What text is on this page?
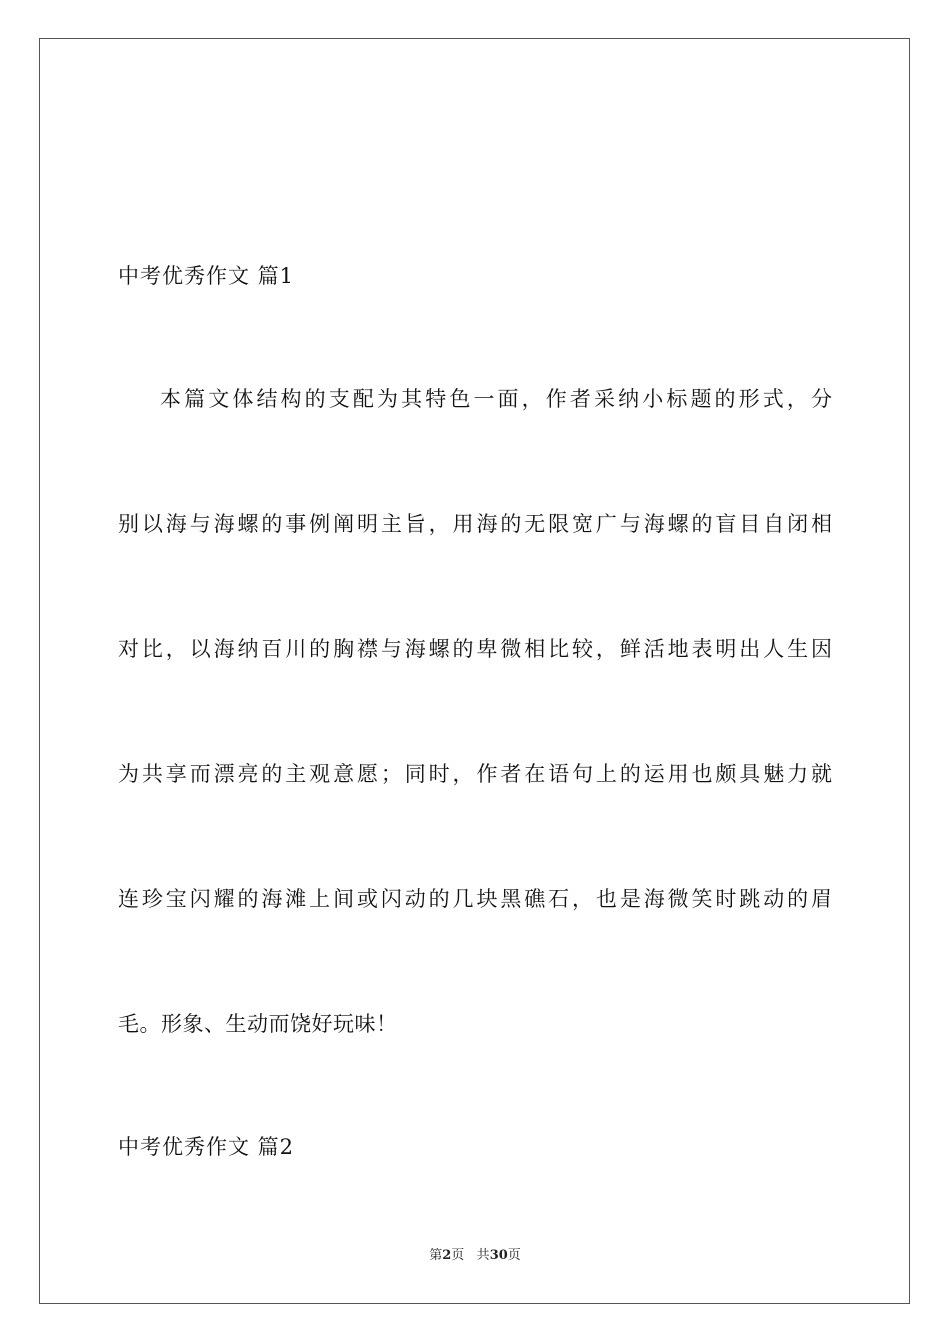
中考优秀作文 篇1
本篇文体结构的支配为其特色一面，作者采纳小标题的形式，分
别以海与海螺的事例阐明主旨，用海的无限宽广与海螺的盲目自闭相
对比，以海纳百川的胸襟与海螺的卑微相比较，鲜活地表明出人生因
为共享而漂亮的主观意愿；同时，作者在语句上的运用也颇具魅力就
连珍宝闪耀的海滩上间或闪动的几块黑礁石，也是海微笑时跳动的眉
毛。形象、生动而饶好玩味！
中考优秀作文 篇2
第2页 共30页
